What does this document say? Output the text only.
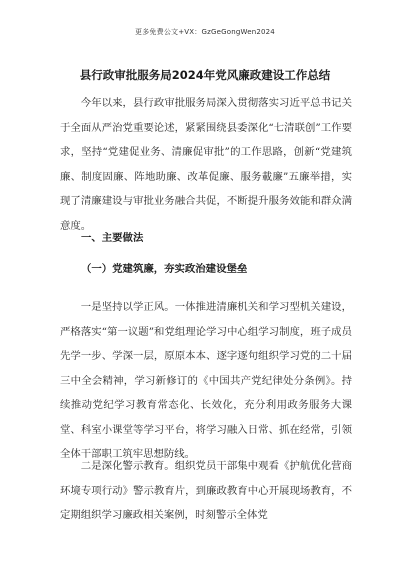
更多免费公文+VX：GzGeGongWen2024
县行政审批服务局2024年党风廉政建设工作总结

今年以来，县行政审批服务局深入贯彻落实习近平总书记关于全面从严治党重要论述，紧紧围绕县委深化“七清联创”工作要求，坚持“党建促业务、清廉促审批”的工作思路，创新“党建筑廉、制度固廉、阵地助廉、改革促廉、服务載廉”五廉举措，实现了清廉建设与审批业务融合共促，不断提升服务效能和群众满意度。

一、主要做法
（一）党建筑廉，夯实政治建设堡垒

一是坚持以学正风。一体推进清廉机关和学习型机关建设，严格落实“第一议题”和党组理论学习中心组学习制度，班子成员先学一步、学深一层，原原本本、逐字逐句组织学习党的二十届三中全会精神，学习新修订的《中国共产党纪律处分条例》。持续推动党纪学习教育常态化、长效化，充分利用政务服务大课堂、科室小课堂等学习平台，将学习融入日常、抓在经常，引领全体干部职工筑牢思想防线。

二是深化警示教育。组织党员干部集中观看《护航优化营商环境专项行动》警示教育片，到廉政教育中心开展现场教育，不定期组织学习廉政相关案例，时刻警示全体党
